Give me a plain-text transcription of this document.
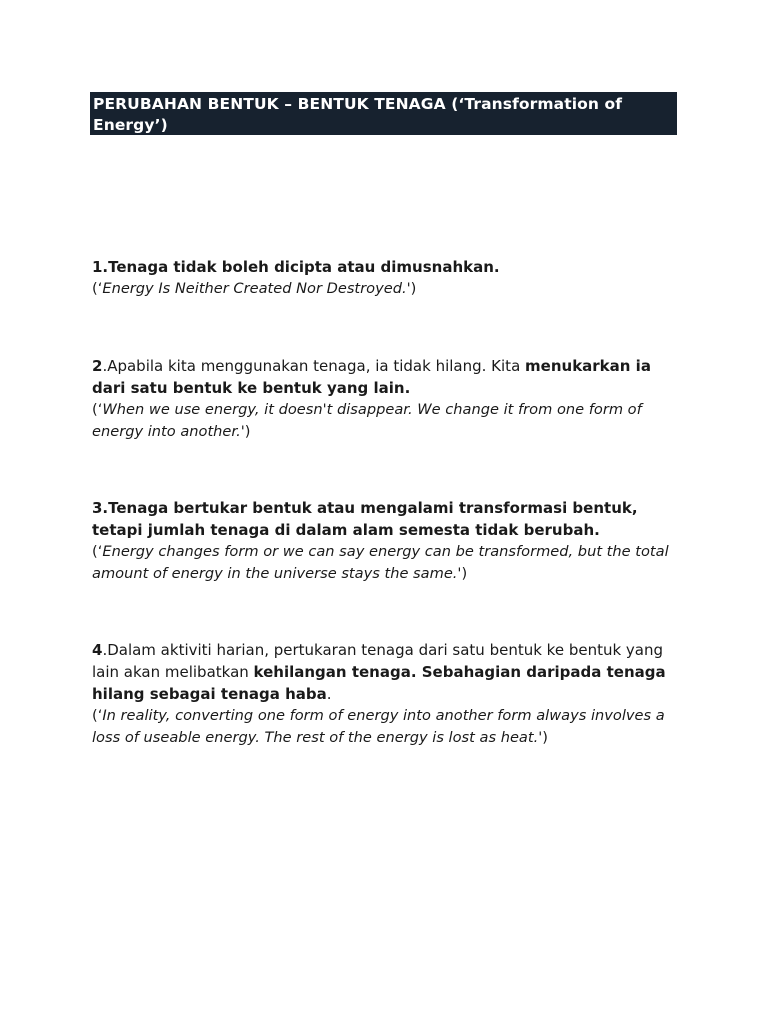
PERUBAHAN BENTUK – BENTUK TENAGA (‘Transformation of Energy’)

1.Tenaga tidak boleh dicipta atau dimusnahkan.

(‘Energy Is Neither Created Nor Destroyed.')

2.Apabila kita menggunakan tenaga, ia tidak hilang. Kita menukarkan ia dari satu bentuk ke bentuk yang lain.

(‘When we use energy, it doesn't disappear. We change it from one form of energy into another.')

3.Tenaga bertukar bentuk atau mengalami transformasi bentuk, tetapi jumlah tenaga di dalam alam semesta tidak berubah.

(‘Energy changes form or we can say energy can be transformed, but the total amount of energy in the universe stays the same.')

4.Dalam aktiviti harian, pertukaran tenaga dari satu bentuk ke bentuk yang lain akan melibatkan kehilangan tenaga. Sebahagian daripada tenaga hilang sebagai tenaga haba.

(‘In reality, converting one form of energy into another form always involves a loss of useable energy. The rest of the energy is lost as heat.')
